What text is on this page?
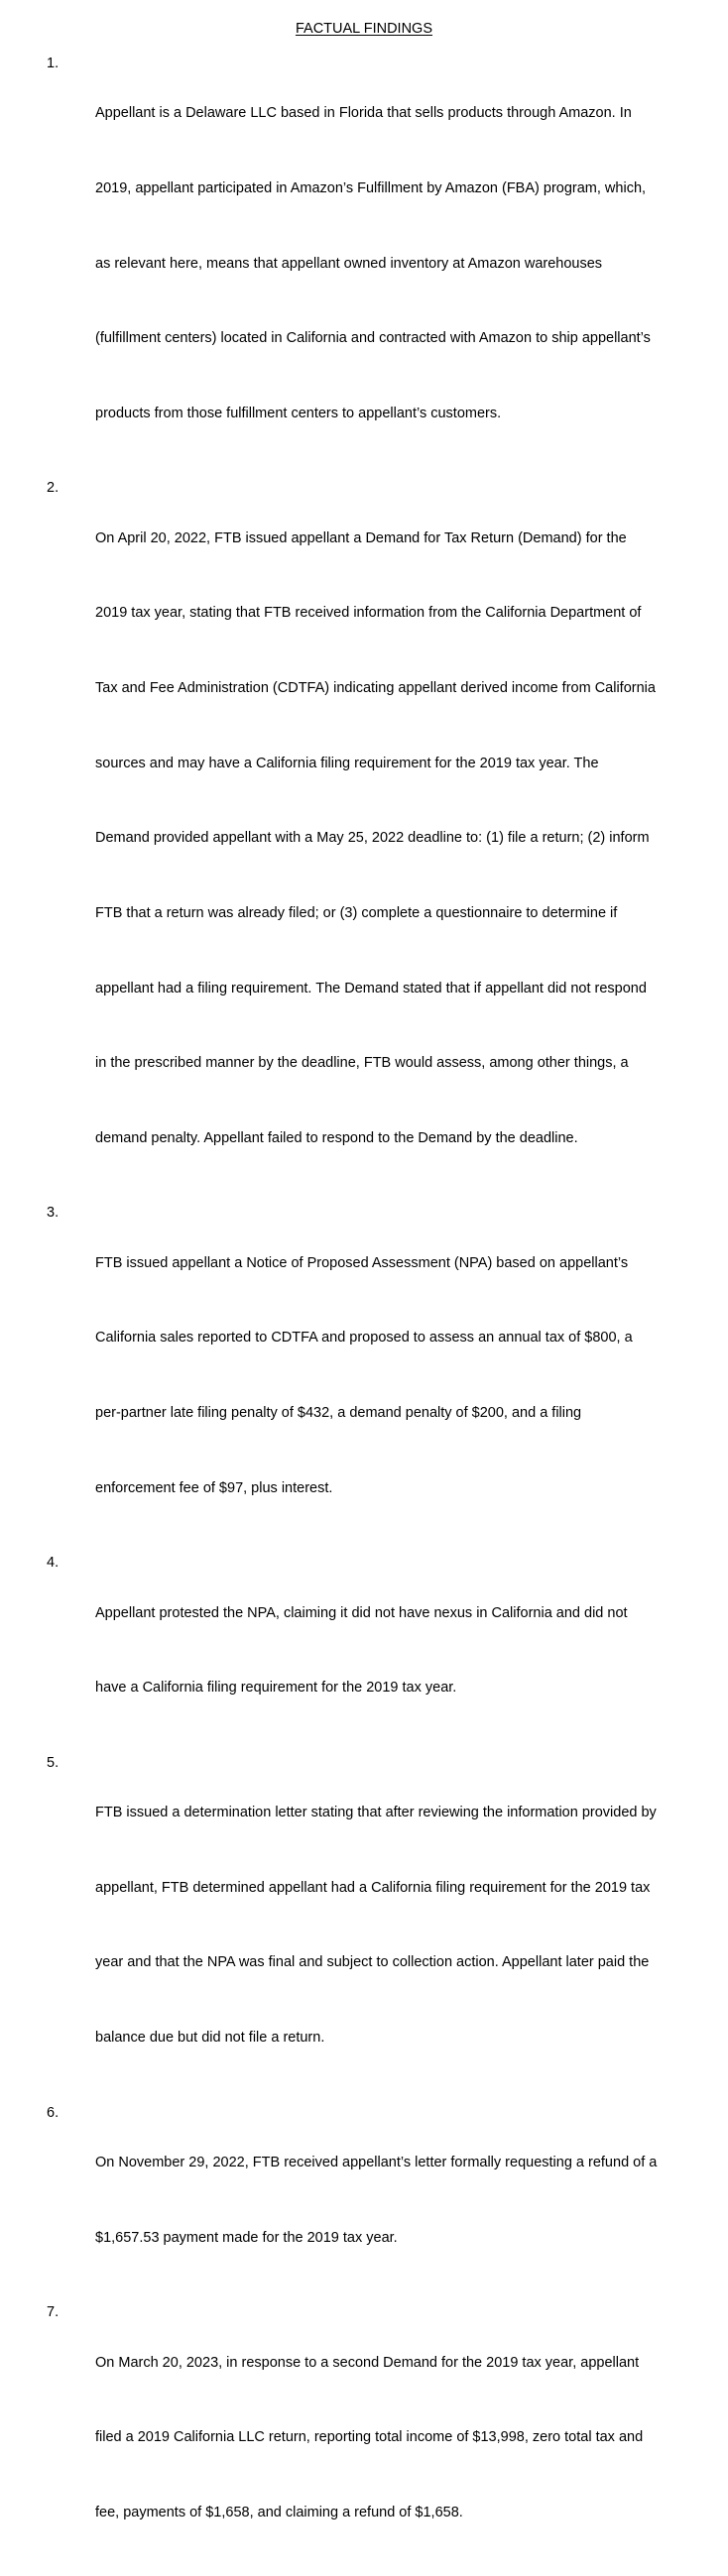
FACTUAL FINDINGS
1.

Appellant is a Delaware LLC based in Florida that sells products through Amazon. In

2019, appellant participated in Amazon’s Fulfillment by Amazon (FBA) program, which,

as relevant here, means that appellant owned inventory at Amazon warehouses

(fulfillment centers) located in California and contracted with Amazon to ship appellant’s

products from those fulfillment centers to appellant’s customers.

2.

On April 20, 2022, FTB issued appellant a Demand for Tax Return (Demand) for the

2019 tax year, stating that FTB received information from the California Department of

Tax and Fee Administration (CDTFA) indicating appellant derived income from California

sources and may have a California filing requirement for the 2019 tax year. The

Demand provided appellant with a May 25, 2022 deadline to: (1) file a return; (2) inform

FTB that a return was already filed; or (3) complete a questionnaire to determine if

appellant had a filing requirement. The Demand stated that if appellant did not respond

in the prescribed manner by the deadline, FTB would assess, among other things, a

demand penalty. Appellant failed to respond to the Demand by the deadline.

3.

FTB issued appellant a Notice of Proposed Assessment (NPA) based on appellant’s

California sales reported to CDTFA and proposed to assess an annual tax of $800, a

per-partner late filing penalty of $432, a demand penalty of $200, and a filing

enforcement fee of $97, plus interest.

4.

Appellant protested the NPA, claiming it did not have nexus in California and did not

have a California filing requirement for the 2019 tax year.

5.

FTB issued a determination letter stating that after reviewing the information provided by

appellant, FTB determined appellant had a California filing requirement for the 2019 tax

year and that the NPA was final and subject to collection action. Appellant later paid the

balance due but did not file a return.

6.

On November 29, 2022, FTB received appellant’s letter formally requesting a refund of a

$1,657.53 payment made for the 2019 tax year.

7.

On March 20, 2023, in response to a second Demand for the 2019 tax year, appellant

filed a 2019 California LLC return, reporting total income of $13,998, zero total tax and

fee, payments of $1,658, and claiming a refund of $1,658.
